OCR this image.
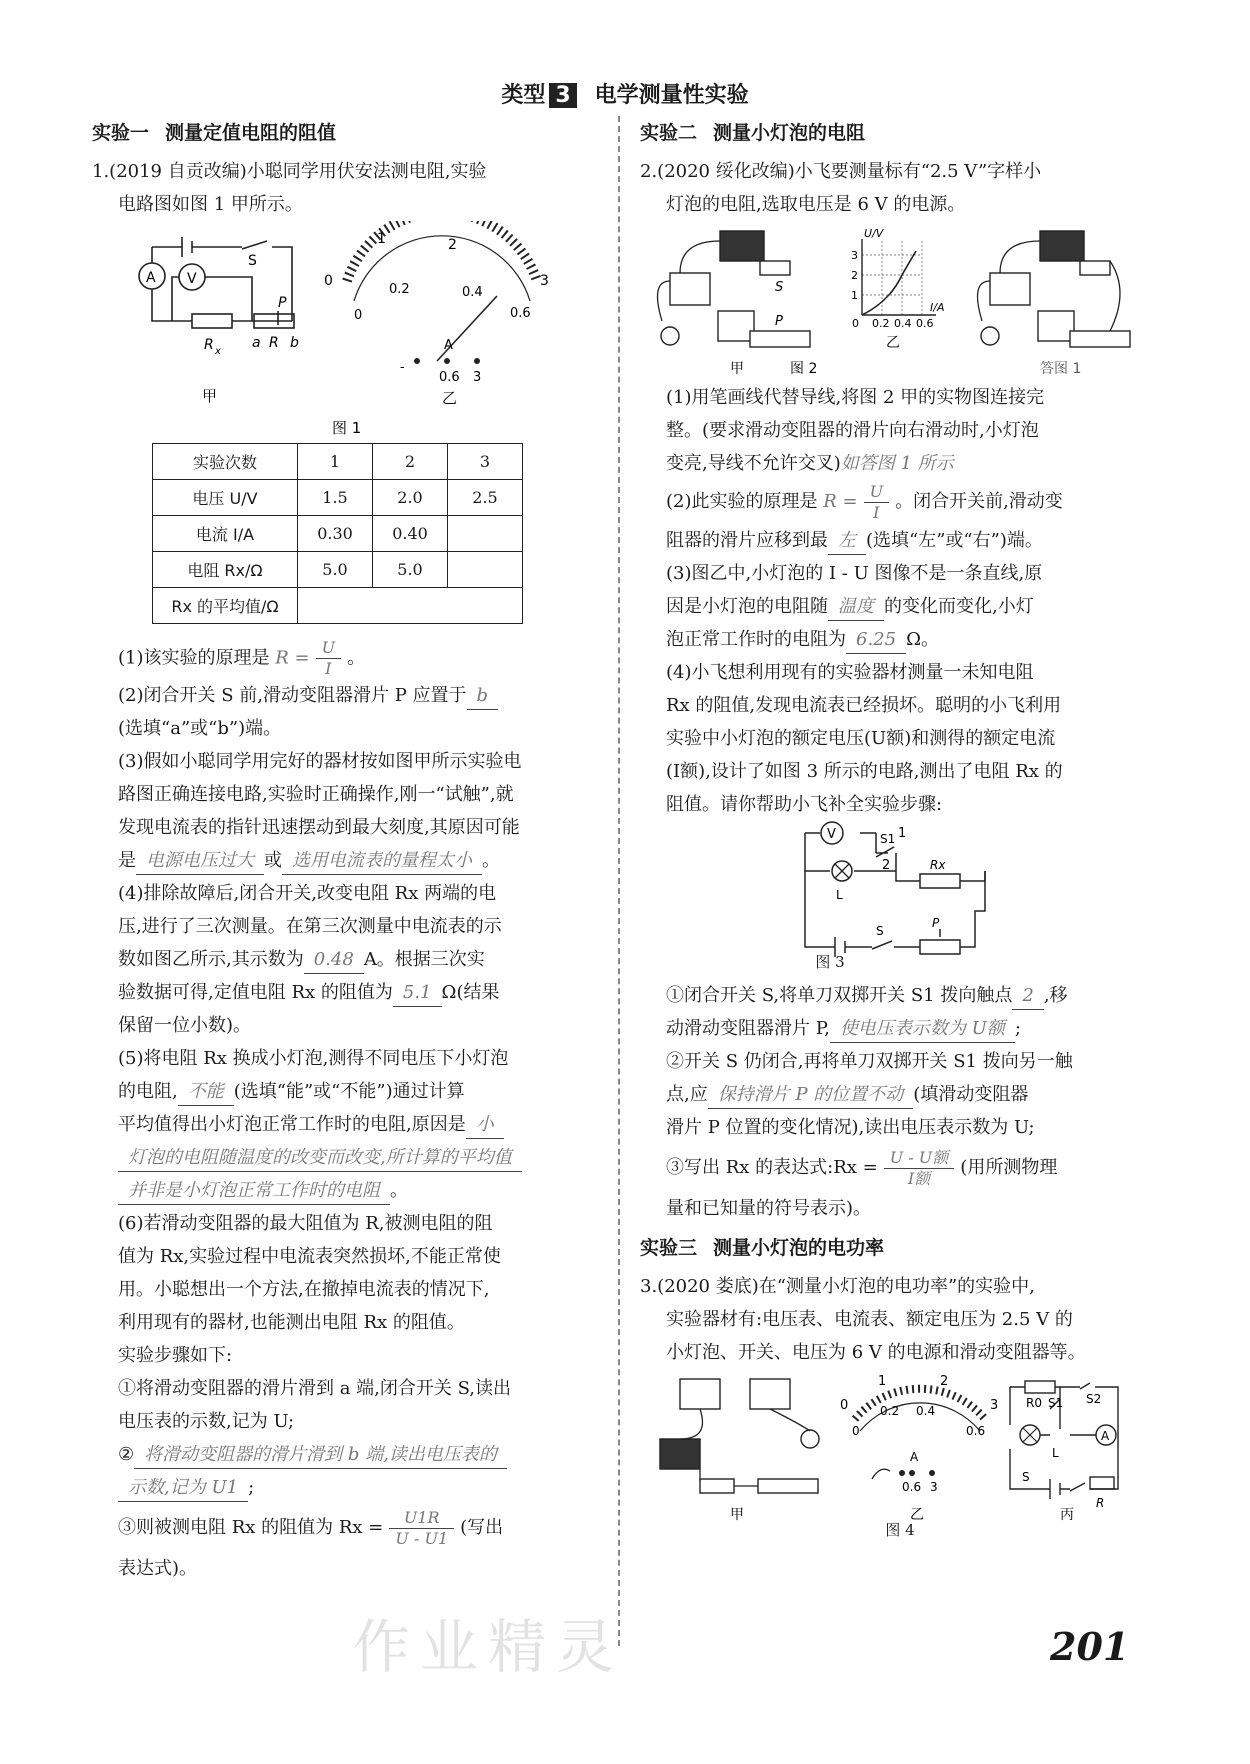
类型 3 电学测量性实验
实验一 测量定值电阻的阻值

1.(2019 自贡改编)小聪同学用伏安法测电阻,实验

电路图如图 1 甲所示。

A V
S
P
R x
a R b
甲
0
1	2
3
0
0.2	0.4
0.6
A
-
0.6 3
乙
图 1
实验次数	1	2	3
电压 U/V	1.5	2.0	2.5
电流 I/A	0.30	0.40	
电阻 Rx/Ω	5.0	5.0	
Rx 的平均值/Ω			

(1)该实验的原理是 $R = \frac{U}{I}$ 。

(2)闭合开关 S 前,滑动变阻器滑片 P 应置于 b

(选填“a”或“b”)端。

(3)假如小聪同学用完好的器材按如图甲所示实验电

路图正确连接电路,实验时正确操作,刚一“试触”,就

发现电流表的指针迅速摆动到最大刻度,其原因可能

是 电源电压过大 或 选用电流表的量程太小 。

(4)排除故障后,闭合开关,改变电阻 Rx 两端的电

压,进行了三次测量。在第三次测量中电流表的示

数如图乙所示,其示数为 0.48 A。根据三次实

验数据可得,定值电阻 Rx 的阻值为 5.1 Ω(结果

保留一位小数)。

(5)将电阻 Rx 换成小灯泡,测得不同电压下小灯泡

的电阻, 不能 (选填“能”或“不能”)通过计算

平均值得出小灯泡正常工作时的电阻,原因是 小

灯泡的电阻随温度的改变而改变,所计算的平均值

并非是小灯泡正常工作时的电阻 。

(6)若滑动变阻器的最大阻值为 R,被测电阻的阻

值为 Rx,实验过程中电流表突然损坏,不能正常使

用。小聪想出一个方法,在撤掉电流表的情况下,

利用现有的器材,也能测出电阻 Rx 的阻值。

实验步骤如下:

①将滑动变阻器的滑片滑到 a 端,闭合开关 S,读出

电压表的示数,记为 U;

② 将滑动变阻器的滑片滑到 b 端,读出电压表的

示数,记为 U1 ;

③则被测电阻 Rx 的阻值为 $Rx = \frac{U1R}{U - U1}$ (写出

表达式)。

实验二 测量小灯泡的电阻

2.(2020 绥化改编)小飞要测量标有“2.5 V”字样小

灯泡的电阻,选取电压是 6 V 的电源。

S
P
甲
U/V
I/A
1
2
3
0 0.2 0.4 0.6
乙
图 2	答图 1

(1)用笔画线代替导线,将图 2 甲的实物图连接完

整。(要求滑动变阻器的滑片向右滑动时,小灯泡

变亮,导线不允许交叉)如答图 1 所示

(2)此实验的原理是 $R = \frac{U}{I}$ 。闭合开关前,滑动变

阻器的滑片应移到最 左 (选填“左”或“右”)端。

(3)图乙中,小灯泡的 I - U 图像不是一条直线,原

因是小灯泡的电阻随 温度 的变化而变化,小灯

泡正常工作时的电阻为 6.25 Ω。

(4)小飞想利用现有的实验器材测量一未知电阻

Rx 的阻值,发现电流表已经损坏。聪明的小飞利用

实验中小灯泡的额定电压(U额)和测得的额定电流

(I额),设计了如图 3 所示的电路,测出了电阻 Rx 的

阻值。请你帮助小飞补全实验步骤:

V	S1 1
2	Rx
L
S
P
图 3

①闭合开关 S,将单刀双掷开关 S1 拨向触点 2 ,移

动滑动变阻器滑片 P, 使电压表示数为 U额 ;

②开关 S 仍闭合,再将单刀双掷开关 S1 拨向另一触

点,应 保持滑片 P 的位置不动 (填滑动变阻器

滑片 P 位置的变化情况),读出电压表示数为 U;

③写出 Rx 的表达式:Rx = $\frac{\text{U - U额}}{\text{I额}}$ (用所测物理

量和已知量的符号表示)。

实验三 测量小灯泡的电功率

3.(2020 娄底)在“测量小灯泡的电功率”的实验中,

实验器材有:电压表、电流表、额定电压为 2.5 V 的

小灯泡、开关、电压为 6 V 的电源和滑动变阻器等。

甲
0
1	2
3
0
0.2 0.4
0.6
A
0.6 3
乙
R0 S1 S2
L
A
S
R
丙
图 4
作业精灵	201
